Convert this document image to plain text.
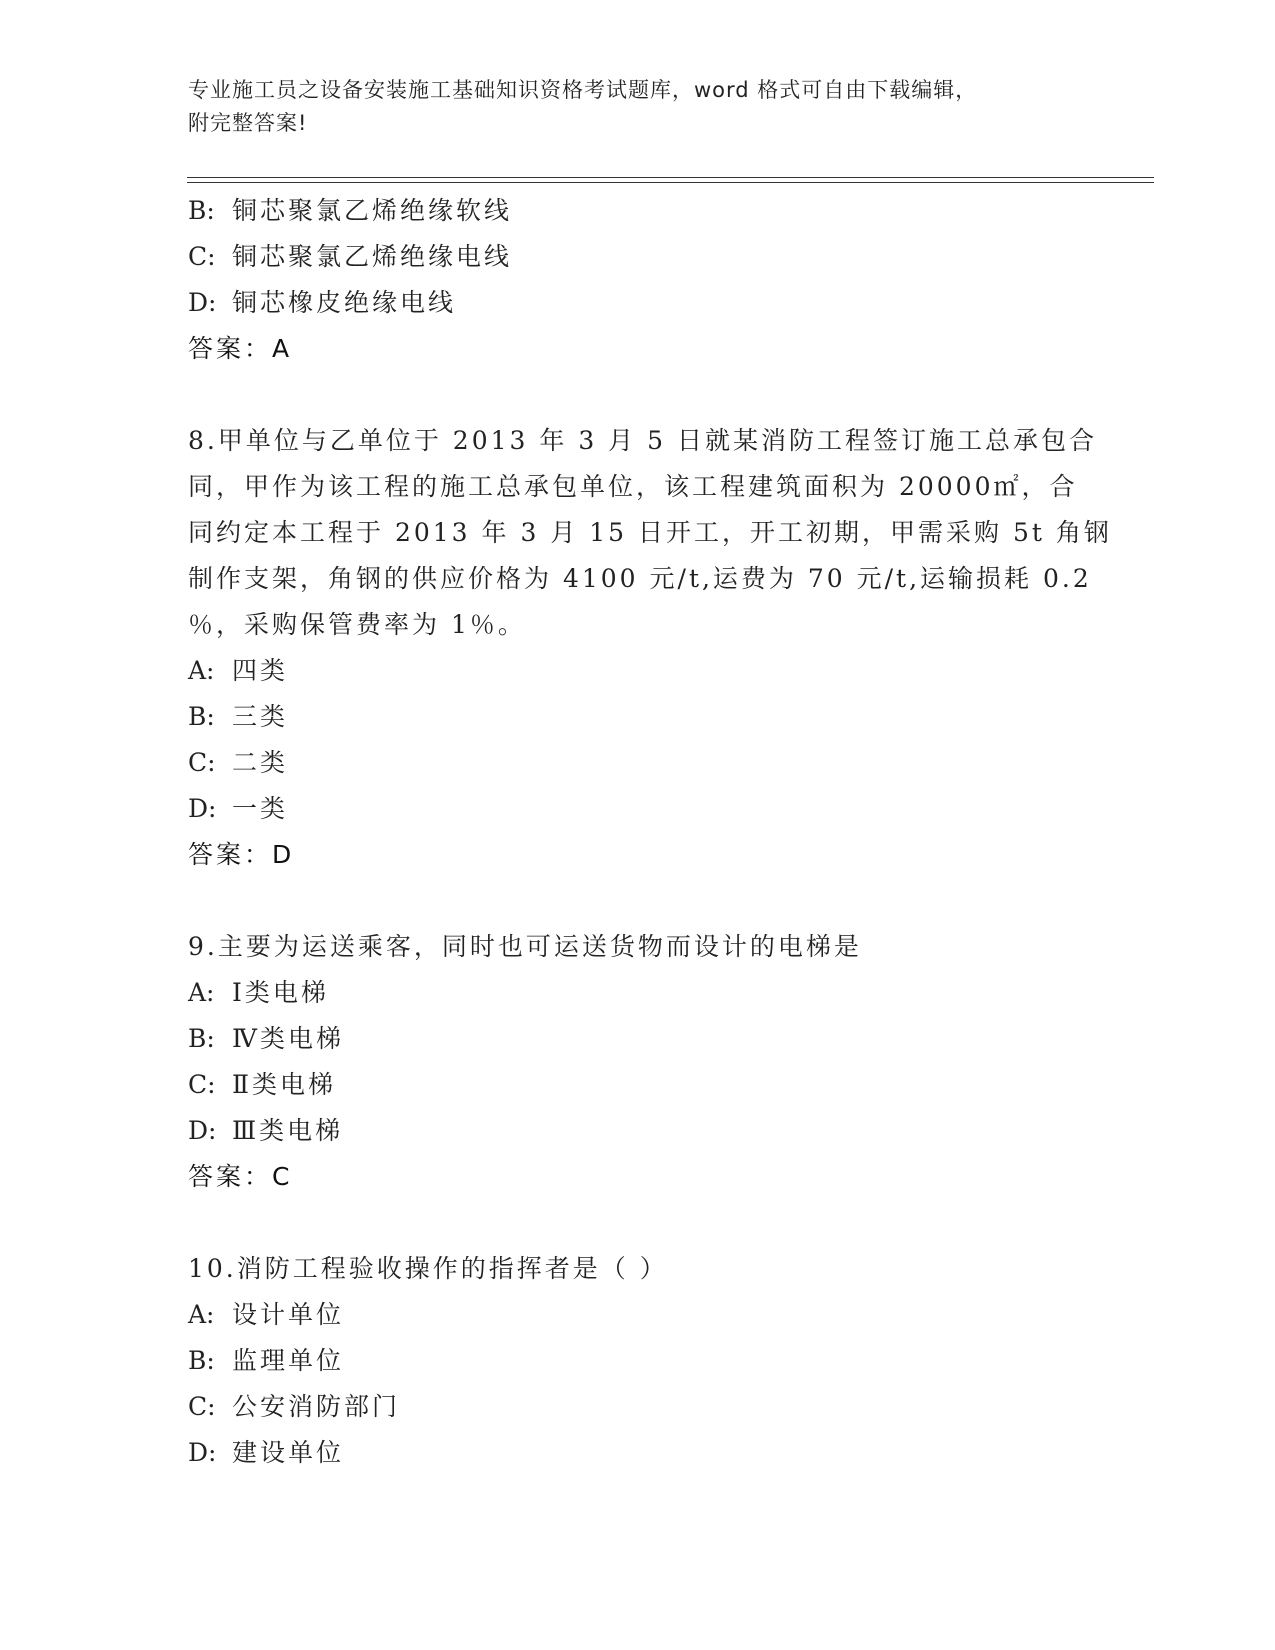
专业施工员之设备安装施工基础知识资格考试题库，word 格式可自由下载编辑，
附完整答案!
B: 铜芯聚氯乙烯绝缘软线
C: 铜芯聚氯乙烯绝缘电线
D: 铜芯橡皮绝缘电线
答案：A
8.甲单位与乙单位于 2013 年 3 月 5 日就某消防工程签订施工总承包合
同，甲作为该工程的施工总承包单位，该工程建筑面积为 20000㎡，合
同约定本工程于 2013 年 3 月 15 日开工，开工初期，甲需采购 5t 角钢
制作支架，角钢的供应价格为 4100 元/t,运费为 70 元/t,运输损耗 0.2
％，采购保管费率为 1％。
A: 四类
B: 三类
C: 二类
D: 一类
答案：D
9.主要为运送乘客，同时也可运送货物而设计的电梯是
A: Ⅰ类电梯
B: Ⅳ类电梯
C: Ⅱ类电梯
D: Ⅲ类电梯
答案：C
10.消防工程验收操作的指挥者是（ ）
A: 设计单位
B: 监理单位
C: 公安消防部门
D: 建设单位
